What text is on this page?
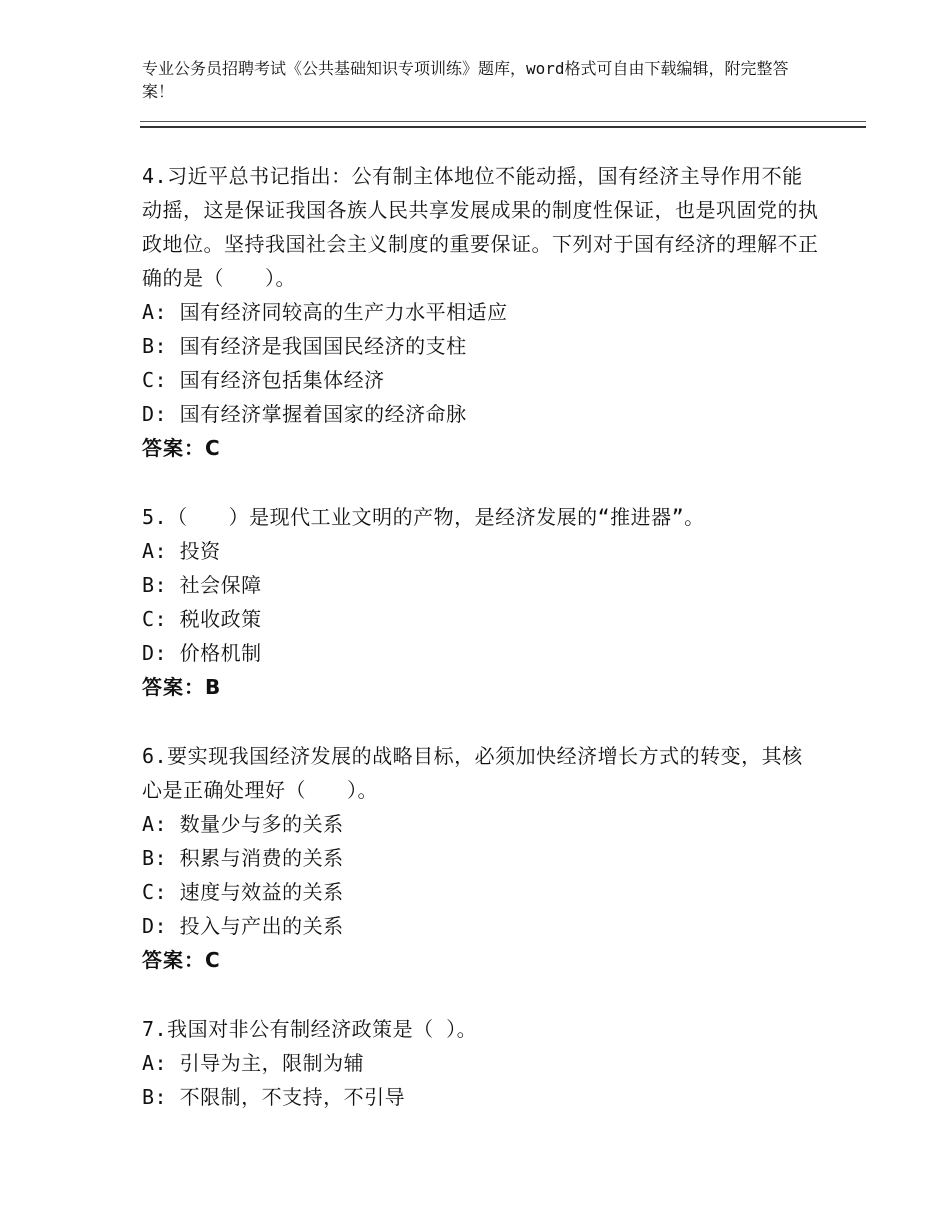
专业公务员招聘考试《公共基础知识专项训练》题库，word格式可自由下载编辑，附完整答案！
4.习近平总书记指出：公有制主体地位不能动摇，国有经济主导作用不能动摇，这是保证我国各族人民共享发展成果的制度性保证，也是巩固党的执政地位。坚持我国社会主义制度的重要保证。下列对于国有经济的理解不正确的是（　　）。
A: 国有经济同较高的生产力水平相适应
B: 国有经济是我国国民经济的支柱
C: 国有经济包括集体经济
D: 国有经济掌握着国家的经济命脉
答案：C
5.（　　）是现代工业文明的产物，是经济发展的“推进器”。
A: 投资
B: 社会保障
C: 税收政策
D: 价格机制
答案：B
6.要实现我国经济发展的战略目标，必须加快经济增长方式的转变，其核心是正确处理好（　　）。
A: 数量少与多的关系
B: 积累与消费的关系
C: 速度与效益的关系
D: 投入与产出的关系
答案：C
7.我国对非公有制经济政策是（ ）。
A: 引导为主，限制为辅
B: 不限制，不支持，不引导
